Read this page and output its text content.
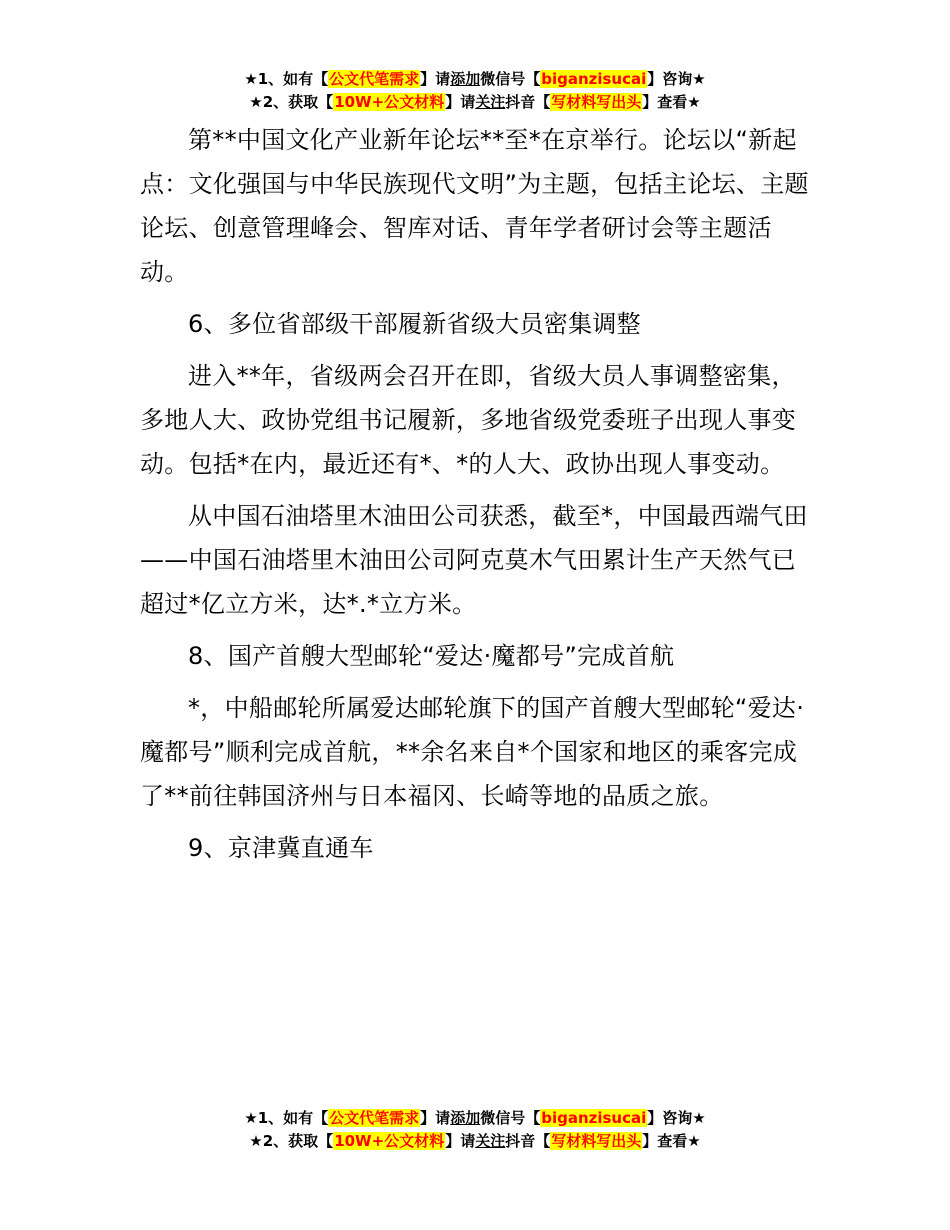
★1、如有【公文代笔需求】请添加微信号【biganzisucai】咨询★
★2、获取【10W+公文材料】请关注抖音【写材料写出头】查看★

第**中国文化产业新年论坛**至*在京举行。论坛以“新起点：文化强国与中华民族现代文明”为主题，包括主论坛、主题论坛、创意管理峰会、智库对话、青年学者研讨会等主题活动。

6、多位省部级干部履新省级大员密集调整

进入**年，省级两会召开在即，省级大员人事调整密集，多地人大、政协党组书记履新，多地省级党委班子出现人事变动。包括*在内，最近还有*、*的人大、政协出现人事变动。

从中国石油塔里木油田公司获悉，截至*，中国最西端气田——中国石油塔里木油田公司阿克莫木气田累计生产天然气已超过*亿立方米，达*.*立方米。

8、国产首艘大型邮轮“爱达·魔都号”完成首航

*，中船邮轮所属爱达邮轮旗下的国产首艘大型邮轮“爱达·魔都号”顺利完成首航，**余名来自*个国家和地区的乘客完成了**前往韩国济州与日本福冈、长崎等地的品质之旅。

9、京津冀直通车

★1、如有【公文代笔需求】请添加微信号【biganzisucai】咨询★
★2、获取【10W+公文材料】请关注抖音【写材料写出头】查看★
